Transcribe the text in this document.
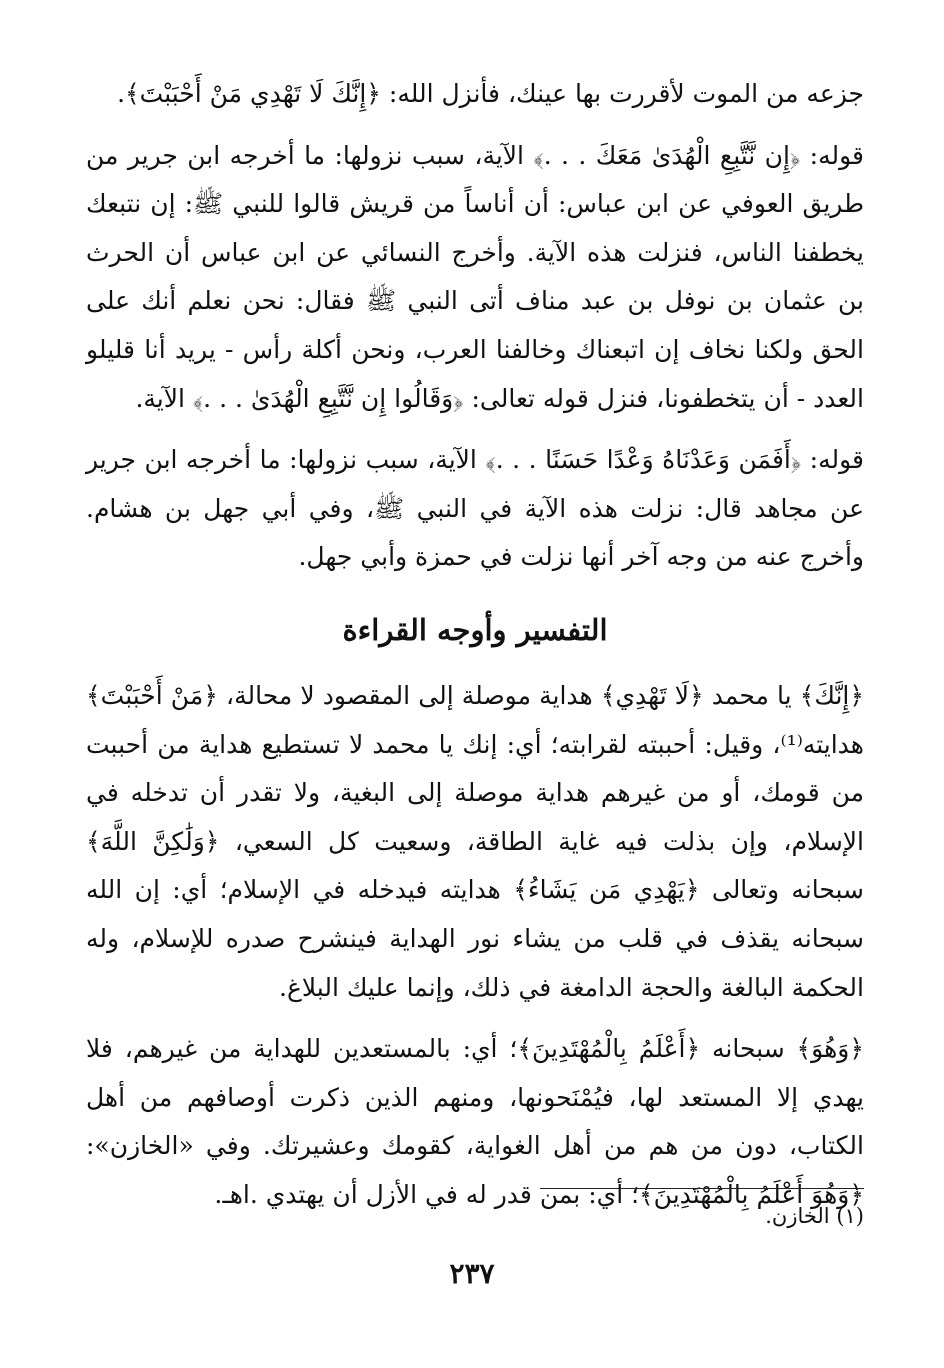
جزعه من الموت لأقررت بها عينك، فأنزل الله: ﴿إِنَّكَ لَا تَهْدِي مَنْ أَحْبَبْتَ﴾.

قوله: ﴿إِن نَّتَّبِعِ الْهُدَىٰ مَعَكَ . . .﴾ الآية، سبب نزولها: ما أخرجه ابن جرير من طريق العوفي عن ابن عباس: أن أناساً من قريش قالوا للنبي ﷺ: إن نتبعك يخطفنا الناس، فنزلت هذه الآية. وأخرج النسائي عن ابن عباس أن الحرث بن عثمان بن نوفل بن عبد مناف أتى النبي ﷺ فقال: نحن نعلم أنك على الحق ولكنا نخاف إن اتبعناك وخالفنا العرب، ونحن أكلة رأس - يريد أنا قليلو العدد - أن يتخطفونا، فنزل قوله تعالى: ﴿وَقَالُوا إِن نَّتَّبِعِ الْهُدَىٰ . . .﴾ الآية.

قوله: ﴿أَفَمَن وَعَدْنَاهُ وَعْدًا حَسَنًا . . .﴾ الآية، سبب نزولها: ما أخرجه ابن جرير عن مجاهد قال: نزلت هذه الآية في النبي ﷺ، وفي أبي جهل بن هشام. وأخرج عنه من وجه آخر أنها نزلت في حمزة وأبي جهل.

التفسير وأوجه القراءة

﴿إِنَّكَ﴾ يا محمد ﴿لَا تَهْدِي﴾ هداية موصلة إلى المقصود لا محالة، ﴿مَنْ أَحْبَبْتَ﴾ هدايته⁽¹⁾، وقيل: أحببته لقرابته؛ أي: إنك يا محمد لا تستطيع هداية من أحببت من قومك، أو من غيرهم هداية موصلة إلى البغية، ولا تقدر أن تدخله في الإسلام، وإن بذلت فيه غاية الطاقة، وسعيت كل السعي، ﴿وَلَٰكِنَّ اللَّهَ﴾ سبحانه وتعالى ﴿يَهْدِي مَن يَشَاءُ﴾ هدايته فيدخله في الإسلام؛ أي: إن الله سبحانه يقذف في قلب من يشاء نور الهداية فينشرح صدره للإسلام، وله الحكمة البالغة والحجة الدامغة في ذلك، وإنما عليك البلاغ.

﴿وَهُوَ﴾ سبحانه ﴿أَعْلَمُ بِالْمُهْتَدِينَ﴾؛ أي: بالمستعدين للهداية من غيرهم، فلا يهدي إلا المستعد لها، فيُمْنَحونها، ومنهم الذين ذكرت أوصافهم من أهل الكتاب، دون من هم من أهل الغواية، كقومك وعشيرتك. وفي «الخازن»: ﴿وَهُوَ أَعْلَمُ بِالْمُهْتَدِينَ﴾؛ أي: بمن قدر له في الأزل أن يهتدي .اهـ.

(١) الخازن.
٢٣٧
